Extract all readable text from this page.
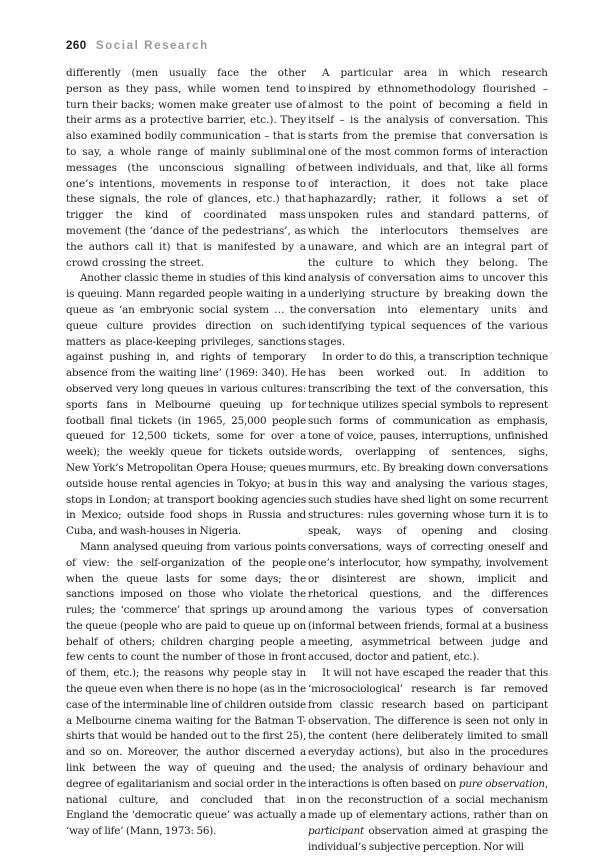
260 Social Research

differently (men usually face the other person as they pass, while women tend to turn their backs; women make greater use of their arms as a protective barrier, etc.). They also examined bodily communication – that is to say, a whole range of mainly subliminal messages (the unconscious signalling of one’s intentions, movements in response to these signals, the role of glances, etc.) that trigger the kind of coordinated mass movement (the ‘dance of the pedestrians’, as the authors call it) that is manifested by a crowd crossing the street.

Another classic theme in studies of this kind is queuing. Mann regarded people waiting in a queue as ‘an embryonic social system … the queue culture provides direction on such matters as place-keeping privileges, sanctions against pushing in, and rights of temporary absence from the waiting line’ (1969: 340). He observed very long queues in various cultures: sports fans in Melbourne queuing up for football final tickets (in 1965, 25,000 people queued for 12,500 tickets, some for over a week); the weekly queue for tickets outside New York’s Metropolitan Opera House; queues outside house rental agencies in Tokyo; at bus stops in London; at transport booking agencies in Mexico; outside food shops in Russia and Cuba, and wash-houses in Nigeria.

Mann analysed queuing from various points of view: the self-organization of the people when the queue lasts for some days; the sanctions imposed on those who violate the rules; the ‘commerce’ that springs up around the queue (people who are paid to queue up on behalf of others; children charging people a few cents to count the number of those in front of them, etc.); the reasons why people stay in the queue even when there is no hope (as in the case of the interminable line of children outside a Melbourne cinema waiting for the Batman T-shirts that would be handed out to the first 25), and so on. Moreover, the author discerned a link between the way of queuing and the degree of egalitarianism and social order in the national culture, and concluded that in England the ‘democratic queue’ was actually a ‘way of life’ (Mann, 1973: 56).

A particular area in which research inspired by ethnomethodology flourished – almost to the point of becoming a field in itself – is the analysis of conversation. This starts from the premise that conversation is one of the most common forms of interaction between individuals, and that, like all forms of interaction, it does not take place haphazardly; rather, it follows a set of unspoken rules and standard patterns, of which the interlocutors themselves are unaware, and which are an integral part of the culture to which they belong. The analysis of conversation aims to uncover this underlying structure by breaking down the conversation into elementary units and identifying typical sequences of the various stages.

In order to do this, a transcription technique has been worked out. In addition to transcribing the text of the conversation, this technique utilizes special symbols to represent such forms of communication as emphasis, tone of voice, pauses, interruptions, unfinished words, overlapping of sentences, sighs, murmurs, etc. By breaking down conversations in this way and analysing the various stages, such studies have shed light on some recurrent structures: rules governing whose turn it is to speak, ways of opening and closing conversations, ways of correcting oneself and one’s interlocutor, how sympathy, involvement or disinterest are shown, implicit and rhetorical questions, and the differences among the various types of conversation (informal between friends, formal at a business meeting, asymmetrical between judge and accused, doctor and patient, etc.).

It will not have escaped the reader that this ‘microsociological’ research is far removed from classic research based on participant observation. The difference is seen not only in the content (here deliberately limited to small everyday actions), but also in the procedures used; the analysis of ordinary behaviour and interactions is often based on pure observation, on the reconstruction of a social mechanism made up of elementary actions, rather than on participant observation aimed at grasping the individual’s subjective perception. Nor will
